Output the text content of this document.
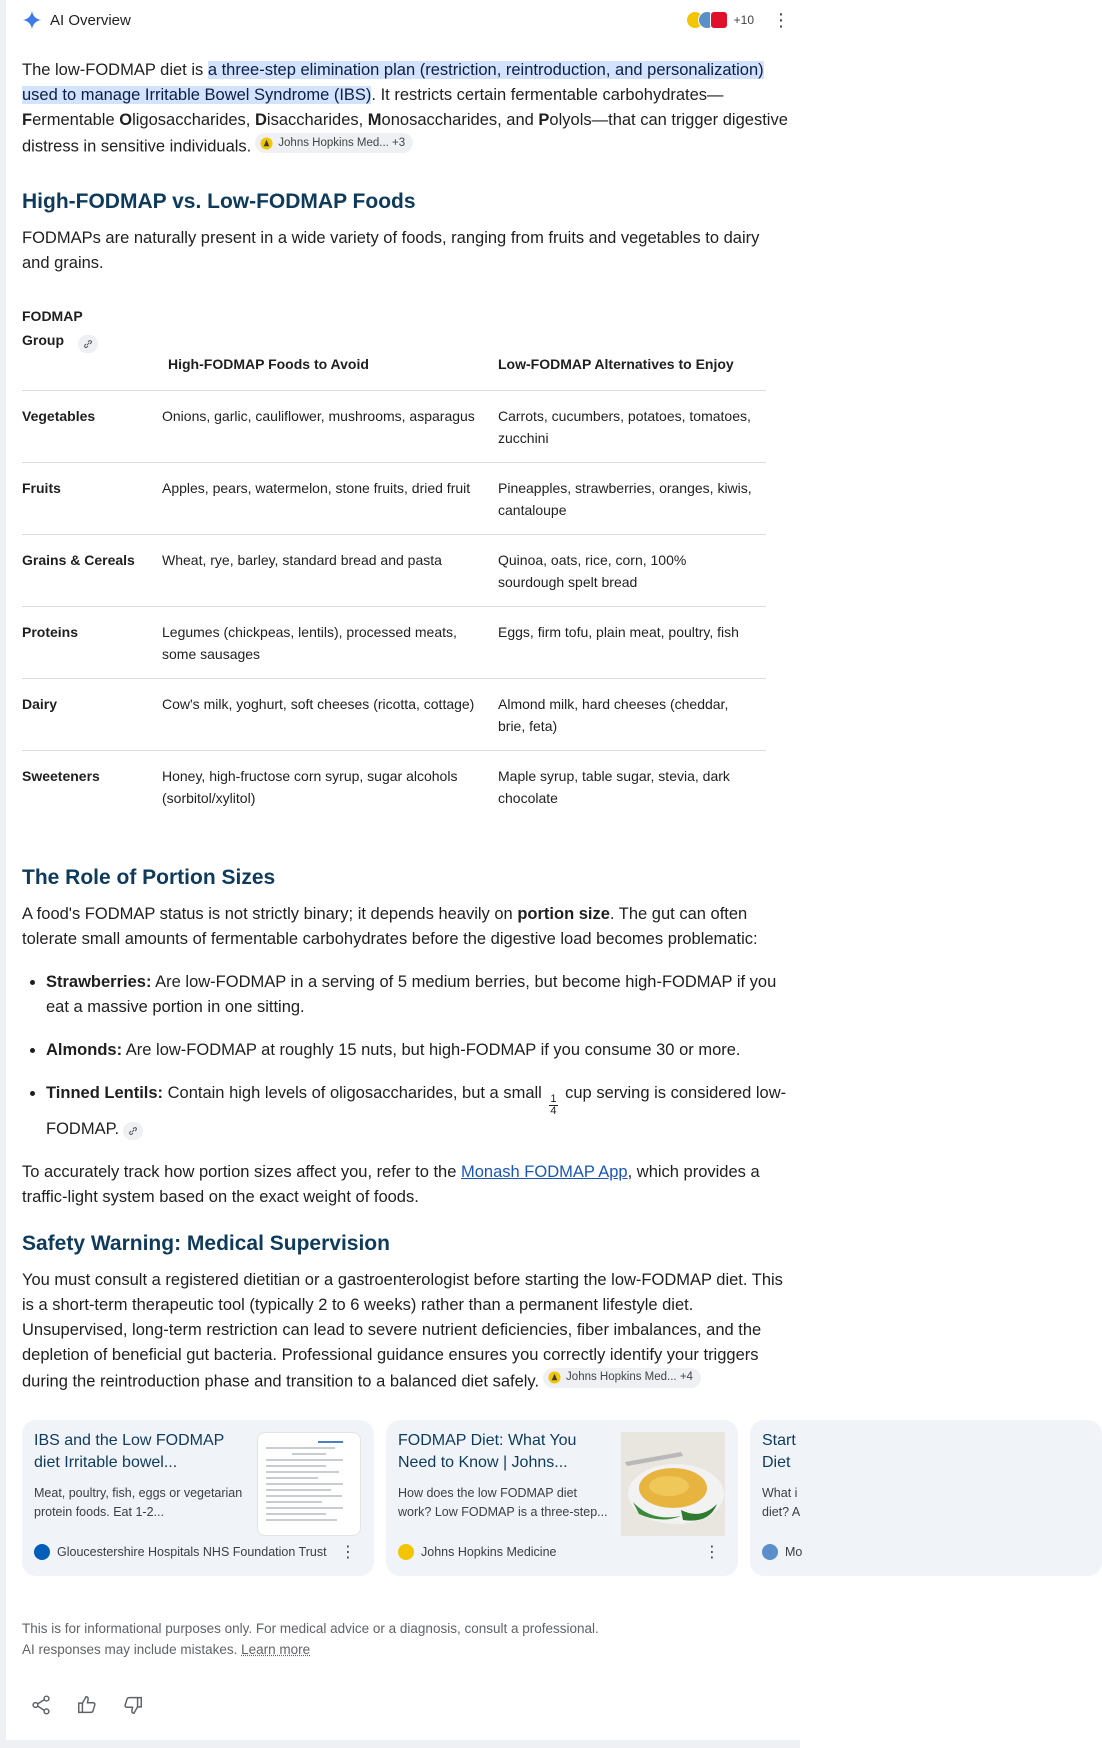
AI Overview	+10 ⋮

The low-FODMAP diet is a three-step elimination plan (restriction, reintroduction, and personalization) used to manage Irritable Bowel Syndrome (IBS). It restricts certain fermentable carbohydrates—Fermentable Oligosaccharides, Disaccharides, Monosaccharides, and Polyols—that can trigger digestive distress in sensitive individuals. Johns Hopkins Med... +3

High-FODMAP vs. Low-FODMAP Foods

FODMAPs are naturally present in a wide variety of foods, ranging from fruits and vegetables to dairy and grains.

FODMAP Group	High-FODMAP Foods to Avoid	Low-FODMAP Alternatives to Enjoy
Vegetables	Onions, garlic, cauliflower, mushrooms, asparagus	Carrots, cucumbers, potatoes, tomatoes, zucchini
Fruits	Apples, pears, watermelon, stone fruits, dried fruit	Pineapples, strawberries, oranges, kiwis, cantaloupe
Grains & Cereals	Wheat, rye, barley, standard bread and pasta	Quinoa, oats, rice, corn, 100% sourdough spelt bread
Proteins	Legumes (chickpeas, lentils), processed meats, some sausages	Eggs, firm tofu, plain meat, poultry, fish
Dairy	Cow's milk, yoghurt, soft cheeses (ricotta, cottage)	Almond milk, hard cheeses (cheddar, brie, feta)
Sweeteners	Honey, high-fructose corn syrup, sugar alcohols (sorbitol/xylitol)	Maple syrup, table sugar, stevia, dark chocolate
The Role of Portion Sizes

A food's FODMAP status is not strictly binary; it depends heavily on portion size. The gut can often tolerate small amounts of fermentable carbohydrates before the digestive load becomes problematic:

• Strawberries: Are low-FODMAP in a serving of 5 medium berries, but become high-FODMAP if you eat a massive portion in one sitting.
• Almonds: Are low-FODMAP at roughly 15 nuts, but high-FODMAP if you consume 30 or more.
• Tinned Lentils: Contain high levels of oligosaccharides, but a small
$\frac{1}{4}$
cup serving is considered low-FODMAP.

To accurately track how portion sizes affect you, refer to the Monash FODMAP App, which provides a traffic-light system based on the exact weight of foods.

Safety Warning: Medical Supervision

You must consult a registered dietitian or a gastroenterologist before starting the low-FODMAP diet. This is a short-term therapeutic tool (typically 2 to 6 weeks) rather than a permanent lifestyle diet. Unsupervised, long-term restriction can lead to severe nutrient deficiencies, fiber imbalances, and the depletion of beneficial gut bacteria. Professional guidance ensures you correctly identify your triggers during the reintroduction phase and transition to a balanced diet safely. Johns Hopkins Med... +4

IBS and the Low FODMAP diet Irritable bowel...
Meat, poultry, fish, eggs or vegetarian protein foods. Eat 1-2...
Gloucestershire Hospitals NHS Foundation Trust ⋮
FODMAP Diet: What You Need to Know | Johns...
How does the low FODMAP diet work? Low FODMAP is a three-step...
Johns Hopkins Medicine	⋮
Start Diet
What i diet? A
Mo
This is for informational purposes only. For medical advice or a diagnosis, consult a professional.
AI responses may include mistakes. Learn more
